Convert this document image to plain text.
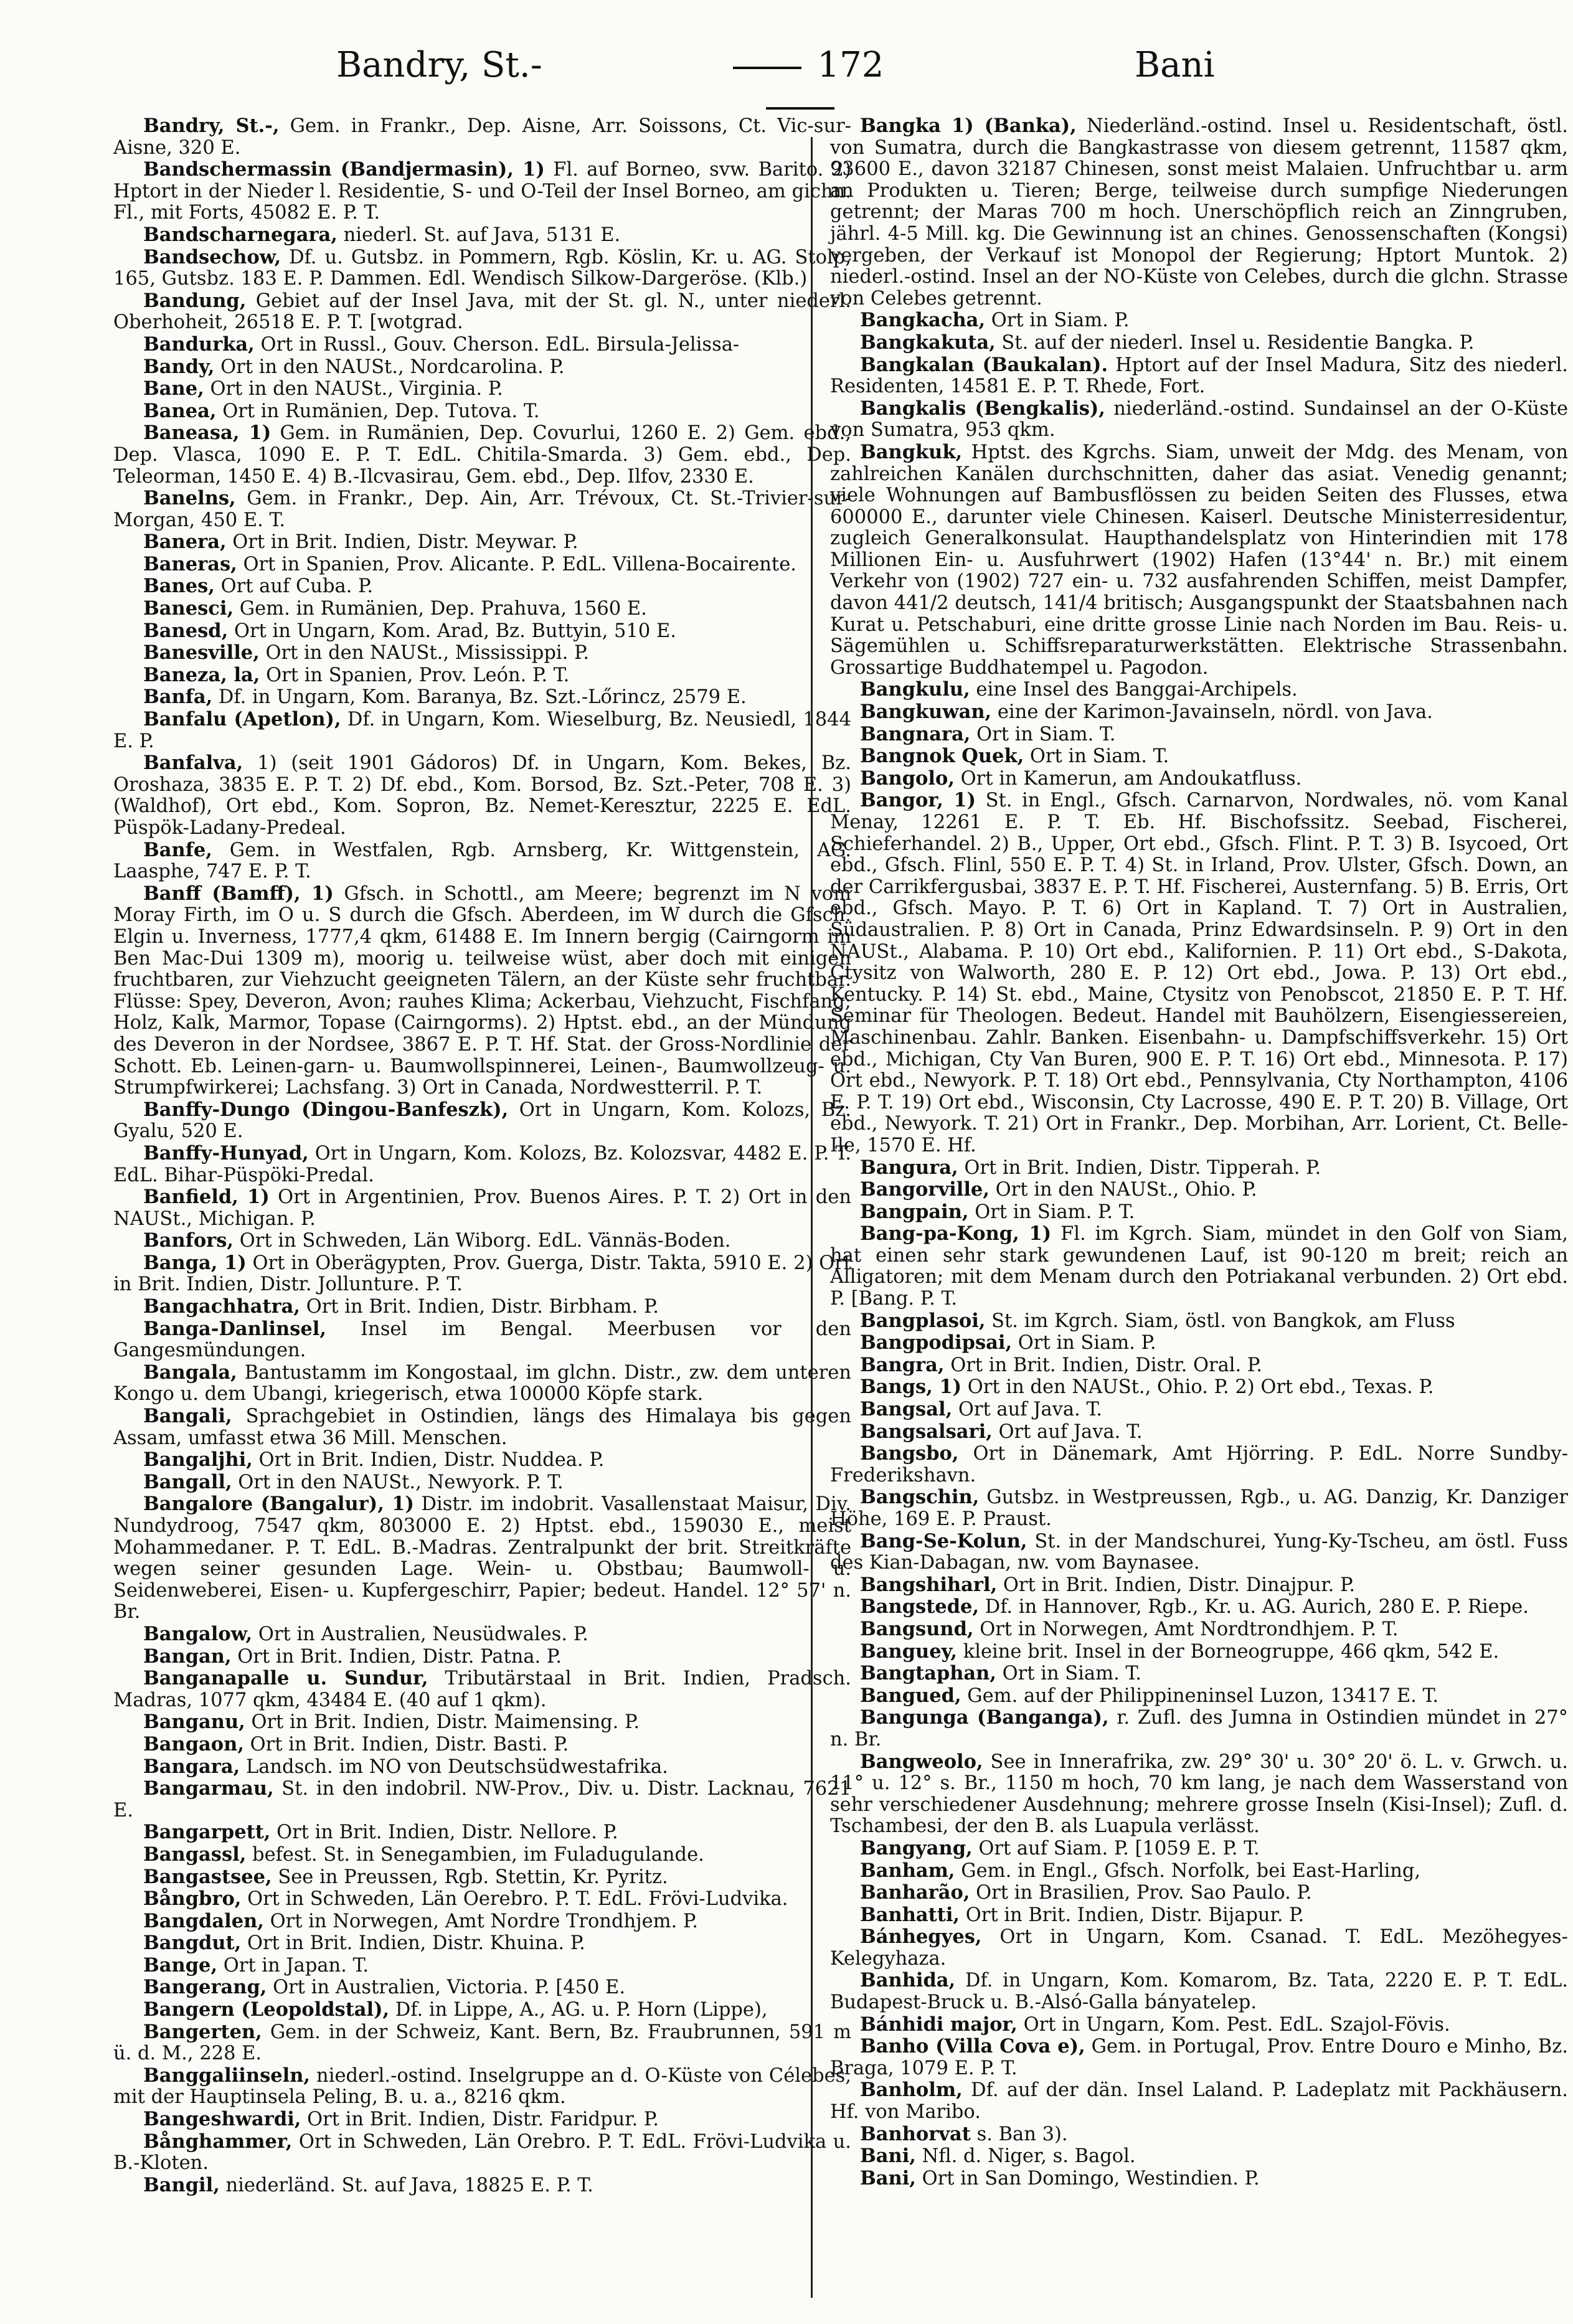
Bandry, St.-	172	Bani

Bandry, St.-, Gem. in Frankr., Dep. Aisne, Arr. Soissons, Ct. Vic-sur-Aisne, 320 E.

Bandschermassin (Bandjermasin), 1) Fl. auf Borneo, svw. Barito. 2) Hptort in der Nieder l. Residentie, S- und O-Teil der Insel Borneo, am gichn. Fl., mit Forts, 45082 E. P. T.

Bandscharnegara, niederl. St. auf Java, 5131 E.

Bandsechow, Df. u. Gutsbz. in Pommern, Rgb. Köslin, Kr. u. AG. Stolp, 165, Gutsbz. 183 E. P. Dammen. Edl. Wendisch Silkow-Dargeröse. (Klb.)

Bandung, Gebiet auf der Insel Java, mit der St. gl. N., unter niederl. Oberhoheit, 26518 E. P. T. [wotgrad.

Bandurka, Ort in Russl., Gouv. Cherson. EdL. Birsula-Jelissa-

Bandy, Ort in den NAUSt., Nordcarolina. P.

Bane, Ort in den NAUSt., Virginia. P.

Banea, Ort in Rumänien, Dep. Tutova. T.

Baneasa, 1) Gem. in Rumänien, Dep. Covurlui, 1260 E. 2) Gem. ebd., Dep. Vlasca, 1090 E. P. T. EdL. Chitila-Smarda. 3) Gem. ebd., Dep. Teleorman, 1450 E. 4) B.-Ilcvasirau, Gem. ebd., Dep. Ilfov, 2330 E.

Banelns, Gem. in Frankr., Dep. Ain, Arr. Trévoux, Ct. St.-Trivier-sur-Morgan, 450 E. T.

Banera, Ort in Brit. Indien, Distr. Meywar. P.

Baneras, Ort in Spanien, Prov. Alicante. P. EdL. Villena-Bocairente.

Banes, Ort auf Cuba. P.

Banesci, Gem. in Rumänien, Dep. Prahuva, 1560 E.

Banesd, Ort in Ungarn, Kom. Arad, Bz. Buttyin, 510 E.

Banesville, Ort in den NAUSt., Mississippi. P.

Baneza, la, Ort in Spanien, Prov. León. P. T.

Banfa, Df. in Ungarn, Kom. Baranya, Bz. Szt.-Lőrincz, 2579 E.

Banfalu (Apetlon), Df. in Ungarn, Kom. Wieselburg, Bz. Neusiedl, 1844 E. P.

Banfalva, 1) (seit 1901 Gádoros) Df. in Ungarn, Kom. Bekes, Bz. Oroshaza, 3835 E. P. T. 2) Df. ebd., Kom. Borsod, Bz. Szt.-Peter, 708 E. 3) (Waldhof), Ort ebd., Kom. Sopron, Bz. Nemet-Keresztur, 2225 E. EdL. Püspök-Ladany-Predeal.

Banfe, Gem. in Westfalen, Rgb. Arnsberg, Kr. Wittgenstein, AG. Laasphe, 747 E. P. T.

Banff (Bamff), 1) Gfsch. in Schottl., am Meere; begrenzt im N vom Moray Firth, im O u. S durch die Gfsch. Aberdeen, im W durch die Gfsch. Elgin u. Inverness, 1777,4 qkm, 61488 E. Im Innern bergig (Cairngorm im Ben Mac-Dui 1309 m), moorig u. teilweise wüst, aber doch mit einigen fruchtbaren, zur Viehzucht geeigneten Tälern, an der Küste sehr fruchtbar. Flüsse: Spey, Deveron, Avon; rauhes Klima; Ackerbau, Viehzucht, Fischfang; Holz, Kalk, Marmor, Topase (Cairngorms). 2) Hptst. ebd., an der Mündung des Deveron in der Nordsee, 3867 E. P. T. Hf. Stat. der Gross-Nordlinie der Schott. Eb. Leinen-garn- u. Baumwollspinnerei, Leinen-, Baumwollzeug- u. Strumpfwirkerei; Lachsfang. 3) Ort in Canada, Nordwestterril. P. T.

Banffy-Dungo (Dingou-Banfeszk), Ort in Ungarn, Kom. Kolozs, Bz. Gyalu, 520 E.

Banffy-Hunyad, Ort in Ungarn, Kom. Kolozs, Bz. Kolozsvar, 4482 E. P. T. EdL. Bihar-Püspöki-Predal.

Banfield, 1) Ort in Argentinien, Prov. Buenos Aires. P. T. 2) Ort in den NAUSt., Michigan. P.

Banfors, Ort in Schweden, Län Wiborg. EdL. Vännäs-Boden.

Banga, 1) Ort in Oberägypten, Prov. Guerga, Distr. Takta, 5910 E. 2) Ort in Brit. Indien, Distr. Jollunture. P. T.

Bangachhatra, Ort in Brit. Indien, Distr. Birbham. P.

Banga-Danlinsel, Insel im Bengal. Meerbusen vor den Gangesmündungen.

Bangala, Bantustamm im Kongostaal, im glchn. Distr., zw. dem unteren Kongo u. dem Ubangi, kriegerisch, etwa 100000 Köpfe stark.

Bangali, Sprachgebiet in Ostindien, längs des Himalaya bis gegen Assam, umfasst etwa 36 Mill. Menschen.

Bangaljhi, Ort in Brit. Indien, Distr. Nuddea. P.

Bangall, Ort in den NAUSt., Newyork. P. T.

Bangalore (Bangalur), 1) Distr. im indobrit. Vasallenstaat Maisur, Div. Nundydroog, 7547 qkm, 803000 E. 2) Hptst. ebd., 159030 E., meist Mohammedaner. P. T. EdL. B.-Madras. Zentralpunkt der brit. Streitkräfte wegen seiner gesunden Lage. Wein- u. Obstbau; Baumwoll- u. Seidenweberei, Eisen- u. Kupfergeschirr, Papier; bedeut. Handel. 12° 57' n. Br.

Bangalow, Ort in Australien, Neusüdwales. P.

Bangan, Ort in Brit. Indien, Distr. Patna. P.

Banganapalle u. Sundur, Tributärstaal in Brit. Indien, Pradsch. Madras, 1077 qkm, 43484 E. (40 auf 1 qkm).

Banganu, Ort in Brit. Indien, Distr. Maimensing. P.

Bangaon, Ort in Brit. Indien, Distr. Basti. P.

Bangara, Landsch. im NO von Deutschsüdwestafrika.

Bangarmau, St. in den indobril. NW-Prov., Div. u. Distr. Lacknau, 7621 E.

Bangarpett, Ort in Brit. Indien, Distr. Nellore. P.

Bangassl, befest. St. in Senegambien, im Fuladugulande.

Bangastsee, See in Preussen, Rgb. Stettin, Kr. Pyritz.

Bångbro, Ort in Schweden, Län Oerebro. P. T. EdL. Frövi-Ludvika.

Bangdalen, Ort in Norwegen, Amt Nordre Trondhjem. P.

Bangdut, Ort in Brit. Indien, Distr. Khuina. P.

Bange, Ort in Japan. T.

Bangerang, Ort in Australien, Victoria. P. [450 E.

Bangern (Leopoldstal), Df. in Lippe, A., AG. u. P. Horn (Lippe),

Bangerten, Gem. in der Schweiz, Kant. Bern, Bz. Fraubrunnen, 591 m ü. d. M., 228 E.

Banggaliinseln, niederl.-ostind. Inselgruppe an d. O-Küste von Célebes, mit der Hauptinsela Peling, B. u. a., 8216 qkm.

Bangeshwardi, Ort in Brit. Indien, Distr. Faridpur. P.

Bånghammer, Ort in Schweden, Län Orebro. P. T. EdL. Frövi-Ludvika u. B.-Kloten.

Bangil, niederländ. St. auf Java, 18825 E. P. T.

Bangka 1) (Banka), Niederländ.-ostind. Insel u. Residentschaft, östl. von Sumatra, durch die Bangkastrasse von diesem getrennt, 11587 qkm, 93600 E., davon 32187 Chinesen, sonst meist Malaien. Unfruchtbar u. arm an Produkten u. Tieren; Berge, teilweise durch sumpfige Niederungen getrennt; der Maras 700 m hoch. Unerschöpflich reich an Zinngruben, jährl. 4-5 Mill. kg. Die Gewinnung ist an chines. Genossenschaften (Kongsi) vergeben, der Verkauf ist Monopol der Regierung; Hptort Muntok. 2) niederl.-ostind. Insel an der NO-Küste von Celebes, durch die glchn. Strasse von Celebes getrennt.

Bangkacha, Ort in Siam. P.

Bangkakuta, St. auf der niederl. Insel u. Residentie Bangka. P.

Bangkalan (Baukalan). Hptort auf der Insel Madura, Sitz des niederl. Residenten, 14581 E. P. T. Rhede, Fort.

Bangkalis (Bengkalis), niederländ.-ostind. Sundainsel an der O-Küste von Sumatra, 953 qkm.

Bangkuk, Hptst. des Kgrchs. Siam, unweit der Mdg. des Menam, von zahlreichen Kanälen durchschnitten, daher das asiat. Venedig genannt; viele Wohnungen auf Bambusflössen zu beiden Seiten des Flusses, etwa 600000 E., darunter viele Chinesen. Kaiserl. Deutsche Ministerresidentur, zugleich Generalkonsulat. Haupthandelsplatz von Hinterindien mit 178 Millionen Ein- u. Ausfuhrwert (1902) Hafen (13°44' n. Br.) mit einem Verkehr von (1902) 727 ein- u. 732 ausfahrenden Schiffen, meist Dampfer, davon 441/2 deutsch, 141/4 britisch; Ausgangspunkt der Staatsbahnen nach Kurat u. Petschaburi, eine dritte grosse Linie nach Norden im Bau. Reis- u. Sägemühlen u. Schiffsreparaturwerkstätten. Elektrische Strassenbahn. Grossartige Buddhatempel u. Pagodon.

Bangkulu, eine Insel des Banggai-Archipels.

Bangkuwan, eine der Karimon-Javainseln, nördl. von Java.

Bangnara, Ort in Siam. T.

Bangnok Quek, Ort in Siam. T.

Bangolo, Ort in Kamerun, am Andoukatfluss.

Bangor, 1) St. in Engl., Gfsch. Carnarvon, Nordwales, nö. vom Kanal Menay, 12261 E. P. T. Eb. Hf. Bischofssitz. Seebad, Fischerei, Schieferhandel. 2) B., Upper, Ort ebd., Gfsch. Flint. P. T. 3) B. Isycoed, Ort ebd., Gfsch. Flinl, 550 E. P. T. 4) St. in Irland, Prov. Ulster, Gfsch. Down, an der Carrikfergusbai, 3837 E. P. T. Hf. Fischerei, Austernfang. 5) B. Erris, Ort ebd., Gfsch. Mayo. P. T. 6) Ort in Kapland. T. 7) Ort in Australien, Südaustralien. P. 8) Ort in Canada, Prinz Edwardsinseln. P. 9) Ort in den NAUSt., Alabama. P. 10) Ort ebd., Kalifornien. P. 11) Ort ebd., S-Dakota, Ctysitz von Walworth, 280 E. P. 12) Ort ebd., Jowa. P. 13) Ort ebd., Kentucky. P. 14) St. ebd., Maine, Ctysitz von Penobscot, 21850 E. P. T. Hf. Seminar für Theologen. Bedeut. Handel mit Bauhölzern, Eisengiessereien, Maschinenbau. Zahlr. Banken. Eisenbahn- u. Dampfschiffsverkehr. 15) Ort ebd., Michigan, Cty Van Buren, 900 E. P. T. 16) Ort ebd., Minnesota. P. 17) Ort ebd., Newyork. P. T. 18) Ort ebd., Pennsylvania, Cty Northampton, 4106 E. P. T. 19) Ort ebd., Wisconsin, Cty Lacrosse, 490 E. P. T. 20) B. Village, Ort ebd., Newyork. T. 21) Ort in Frankr., Dep. Morbihan, Arr. Lorient, Ct. Belle-Ile, 1570 E. Hf.

Bangura, Ort in Brit. Indien, Distr. Tipperah. P.

Bangorville, Ort in den NAUSt., Ohio. P.

Bangpain, Ort in Siam. P. T.

Bang-pa-Kong, 1) Fl. im Kgrch. Siam, mündet in den Golf von Siam, hat einen sehr stark gewundenen Lauf, ist 90-120 m breit; reich an Alligatoren; mit dem Menam durch den Potriakanal verbunden. 2) Ort ebd. P. [Bang. P. T.

Bangplasoi, St. im Kgrch. Siam, östl. von Bangkok, am Fluss

Bangpodipsai, Ort in Siam. P.

Bangra, Ort in Brit. Indien, Distr. Oral. P.

Bangs, 1) Ort in den NAUSt., Ohio. P. 2) Ort ebd., Texas. P.

Bangsal, Ort auf Java. T.

Bangsalsari, Ort auf Java. T.

Bangsbo, Ort in Dänemark, Amt Hjörring. P. EdL. Norre Sundby-Frederikshavn.

Bangschin, Gutsbz. in Westpreussen, Rgb., u. AG. Danzig, Kr. Danziger Höhe, 169 E. P. Praust.

Bang-Se-Kolun, St. in der Mandschurei, Yung-Ky-Tscheu, am östl. Fuss des Kian-Dabagan, nw. vom Baynasee.

Bangshiharl, Ort in Brit. Indien, Distr. Dinajpur. P.

Bangstede, Df. in Hannover, Rgb., Kr. u. AG. Aurich, 280 E. P. Riepe.

Bangsund, Ort in Norwegen, Amt Nordtrondhjem. P. T.

Banguey, kleine brit. Insel in der Borneogruppe, 466 qkm, 542 E.

Bangtaphan, Ort in Siam. T.

Bangued, Gem. auf der Philippineninsel Luzon, 13417 E. T.

Bangunga (Banganga), r. Zufl. des Jumna in Ostindien mündet in 27° n. Br.

Bangweolo, See in Innerafrika, zw. 29° 30' u. 30° 20' ö. L. v. Grwch. u. 11° u. 12° s. Br., 1150 m hoch, 70 km lang, je nach dem Wasserstand von sehr verschiedener Ausdehnung; mehrere grosse Inseln (Kisi-Insel); Zufl. d. Tschambesi, der den B. als Luapula verlässt.

Bangyang, Ort auf Siam. P. [1059 E. P. T.

Banham, Gem. in Engl., Gfsch. Norfolk, bei East-Harling,

Banharão, Ort in Brasilien, Prov. Sao Paulo. P.

Banhatti, Ort in Brit. Indien, Distr. Bijapur. P.

Bánhegyes, Ort in Ungarn, Kom. Csanad. T. EdL. Mezöhegyes-Kelegyhaza.

Banhida, Df. in Ungarn, Kom. Komarom, Bz. Tata, 2220 E. P. T. EdL. Budapest-Bruck u. B.-Alsó-Galla bányatelep.

Bánhidi major, Ort in Ungarn, Kom. Pest. EdL. Szajol-Fövis.

Banho (Villa Cova e), Gem. in Portugal, Prov. Entre Douro e Minho, Bz. Braga, 1079 E. P. T.

Banholm, Df. auf der dän. Insel Laland. P. Ladeplatz mit Packhäusern. Hf. von Maribo.

Banhorvat s. Ban 3).

Bani, Nfl. d. Niger, s. Bagol.

Bani, Ort in San Domingo, Westindien. P.
